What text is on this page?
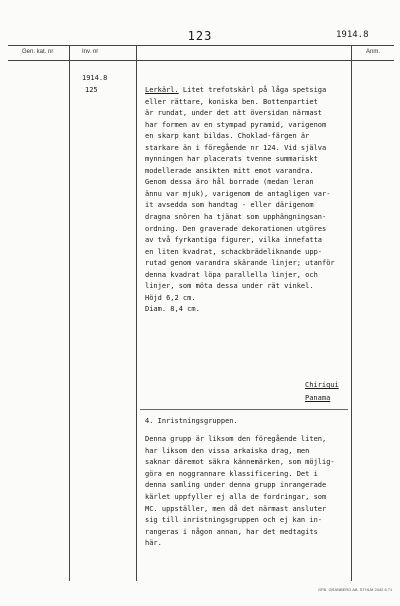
123	1914.8
Gen. kat. nr	Inv. nr	Anm.
1914.8
125	Lerkärl. Litet trefotskärl på låga spetsiga
eller rättare, koniska ben. Bottenpartiet
är rundat, under det att översidan närmast
har formen av en stympad pyramid, varigenom
en skarp kant bildas. Choklad-färgen är
starkare än i föregående nr 124. Vid själva
mynningen har placerats tvenne summariskt
modellerade ansikten mitt emot varandra.
Genom dessa äro hål borrade (medan leran
ännu var mjuk), varigenom de antagligen var-
it avsedda som handtag - eller därigenom
dragna snören ha tjänat som upphängningsan-
ordning. Den graverade dekorationen utgöres
av två fyrkantiga figurer, vilka innefatta
en liten kvadrat, schackbrädeliknande upp-
rutad genom varandra skärande linjer; utanför
denna kvadrat löpa parallella linjer, och
linjer, som möta dessa under rät vinkel.
Höjd 6,2 cm.
Diam. 8,4 cm.
Chiriqui
Panama
4. Inristningsgruppen.
Denna grupp är liksom den föregående liten,
har liksom den vissa arkaiska drag, men
saknar däremot säkra kännemärken, som möjlig-
göra en noggrannare klassificering. Det i
denna samling under denna grupp inrangerade
kärlet uppfyller ej alla de fordringar, som
MC. uppställer, men då det närmast ansluter
sig till inristningsgruppen och ej kan in-
rangeras i någon annan, har det medtagits
här.
GFB. GRANBERG AB. STHLM 2442 6 71
